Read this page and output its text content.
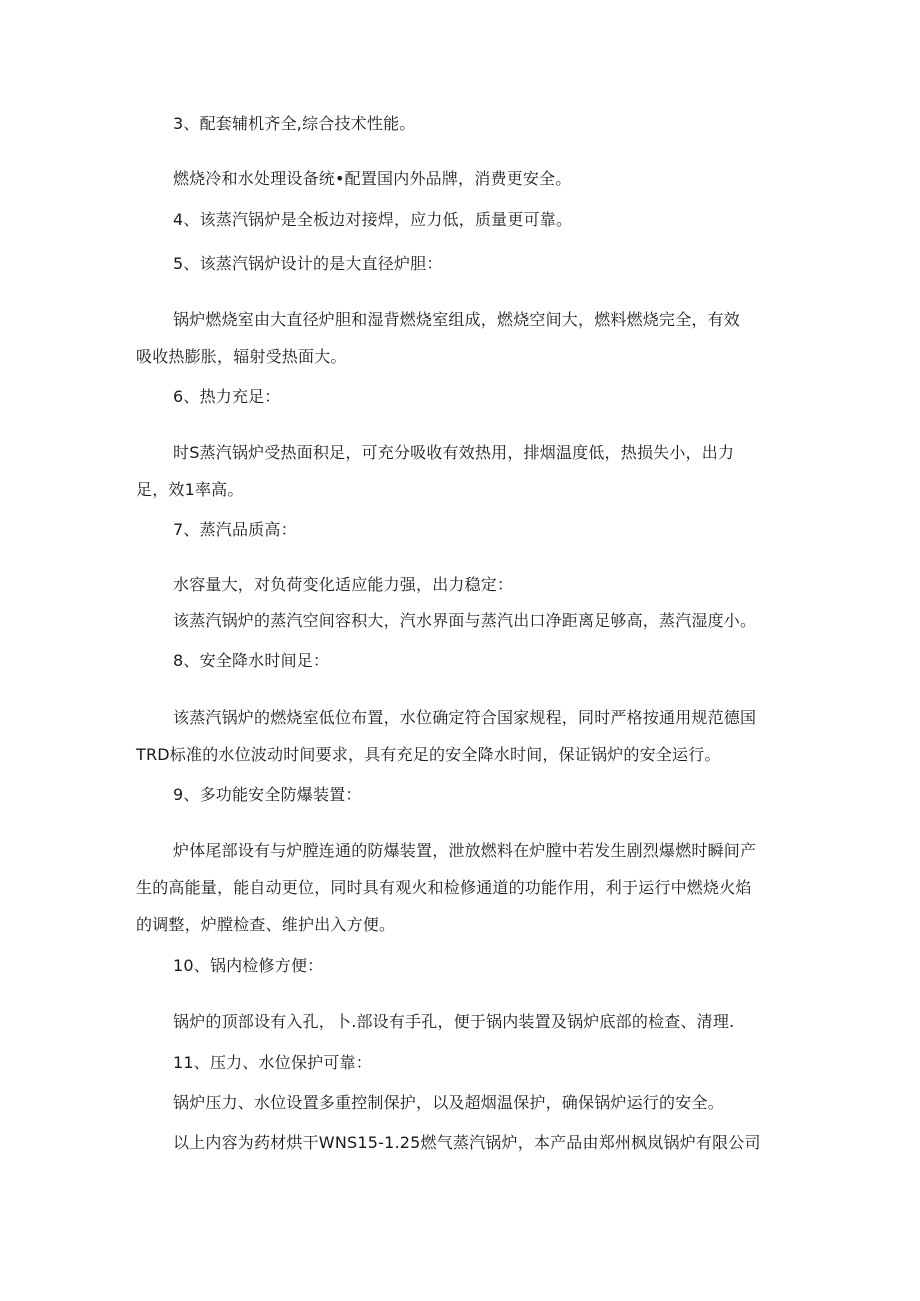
3、配套辅机齐全,综合技术性能。
燃烧冷和水处理设备统•配置国内外品牌，消费更安全。
4、该蒸汽锅炉是全板边对接焊，应力低，质量更可靠。
5、该蒸汽锅炉设计的是大直径炉胆：
锅炉燃烧室由大直径炉胆和湿背燃烧室组成，燃烧空间大，燃料燃烧完全，有效
吸收热膨胀，辐射受热面大。
6、热力充足：
时S蒸汽锅炉受热面积足，可充分吸收有效热用，排烟温度低，热损失小，出力
足，效1率高。
7、蒸汽品质高：
水容量大，对负荷变化适应能力强，出力稳定：
该蒸汽锅炉的蒸汽空间容积大，汽水界面与蒸汽出口净距离足够高，蒸汽湿度小。
8、安全降水时间足：
该蒸汽锅炉的燃烧室低位布置，水位确定符合国家规程，同时严格按通用规范德国
TRD标准的水位波动时间要求，具有充足的安全降水时间，保证锅炉的安全运行。
9、多功能安全防爆装置：
炉体尾部设有与炉膛连通的防爆装置，泄放燃料在炉膛中若发生剧烈爆燃时瞬间产
生的高能量，能自动更位，同时具有观火和检修通道的功能作用，利于运行中燃烧火焰
的调整，炉膛检查、维护出入方便。
10、锅内检修方便：
锅炉的顶部设有入孔，卜.部设有手孔，便于锅内装置及锅炉底部的检查、清理.
11、压力、水位保护可靠：
锅炉压力、水位设置多重控制保护，以及超烟温保护，确保锅炉运行的安全。
以上内容为药材烘干WNS15-1.25燃气蒸汽锅炉，本产品由郑州枫岚锅炉有限公司
